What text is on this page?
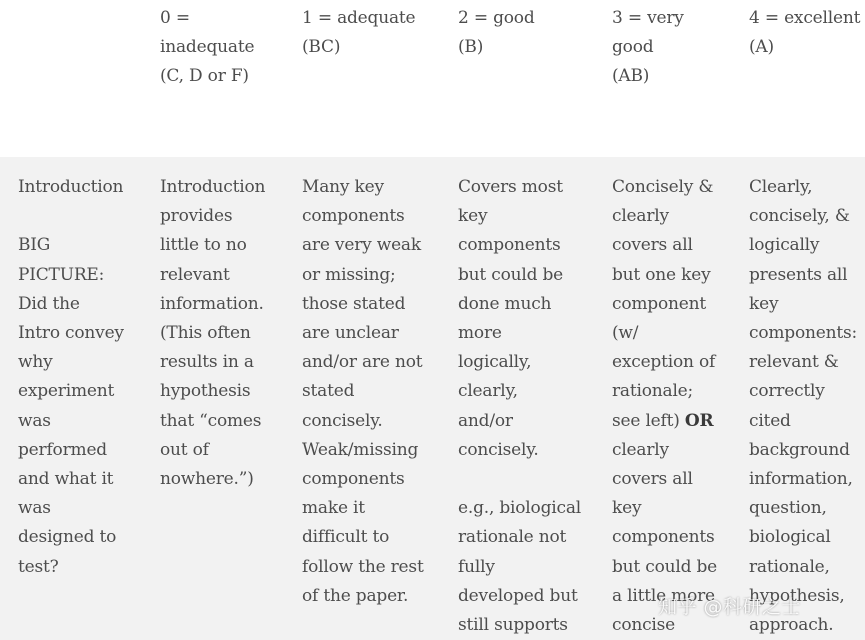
0 =
inadequate
(C, D or F)
1 = adequate
(BC)
2 = good
(B)
3 = very
good
(AB)
4 = excellent
(A)
Introduction
BIG
PICTURE:
Did the
Intro convey
why
experiment
was
performed
and what it
was
designed to
test?
Introduction
provides
little to no
relevant
information.
(This often
results in a
hypothesis
that “comes
out of
nowhere.”)
Many key
components
are very weak
or missing;
those stated
are unclear
and/or are not
stated
concisely.
Weak/missing
components
make it
difficult to
follow the rest
of the paper.
Covers most
key
components
but could be
done much
more
logically,
clearly,
and/or
concisely.
e.g., biological
rationale not
fully
developed but
still supports
Concisely &
clearly
covers all
but one key
component
(w/
exception of
rationale;
see left) OR
clearly
covers all
key
components
but could be
a little more
concise
Clearly,
concisely, &
logically
presents all
key
components:
relevant &
correctly
cited
background
information,
question,
biological
rationale,
hypothesis,
approach.
知乎 @科研之士
